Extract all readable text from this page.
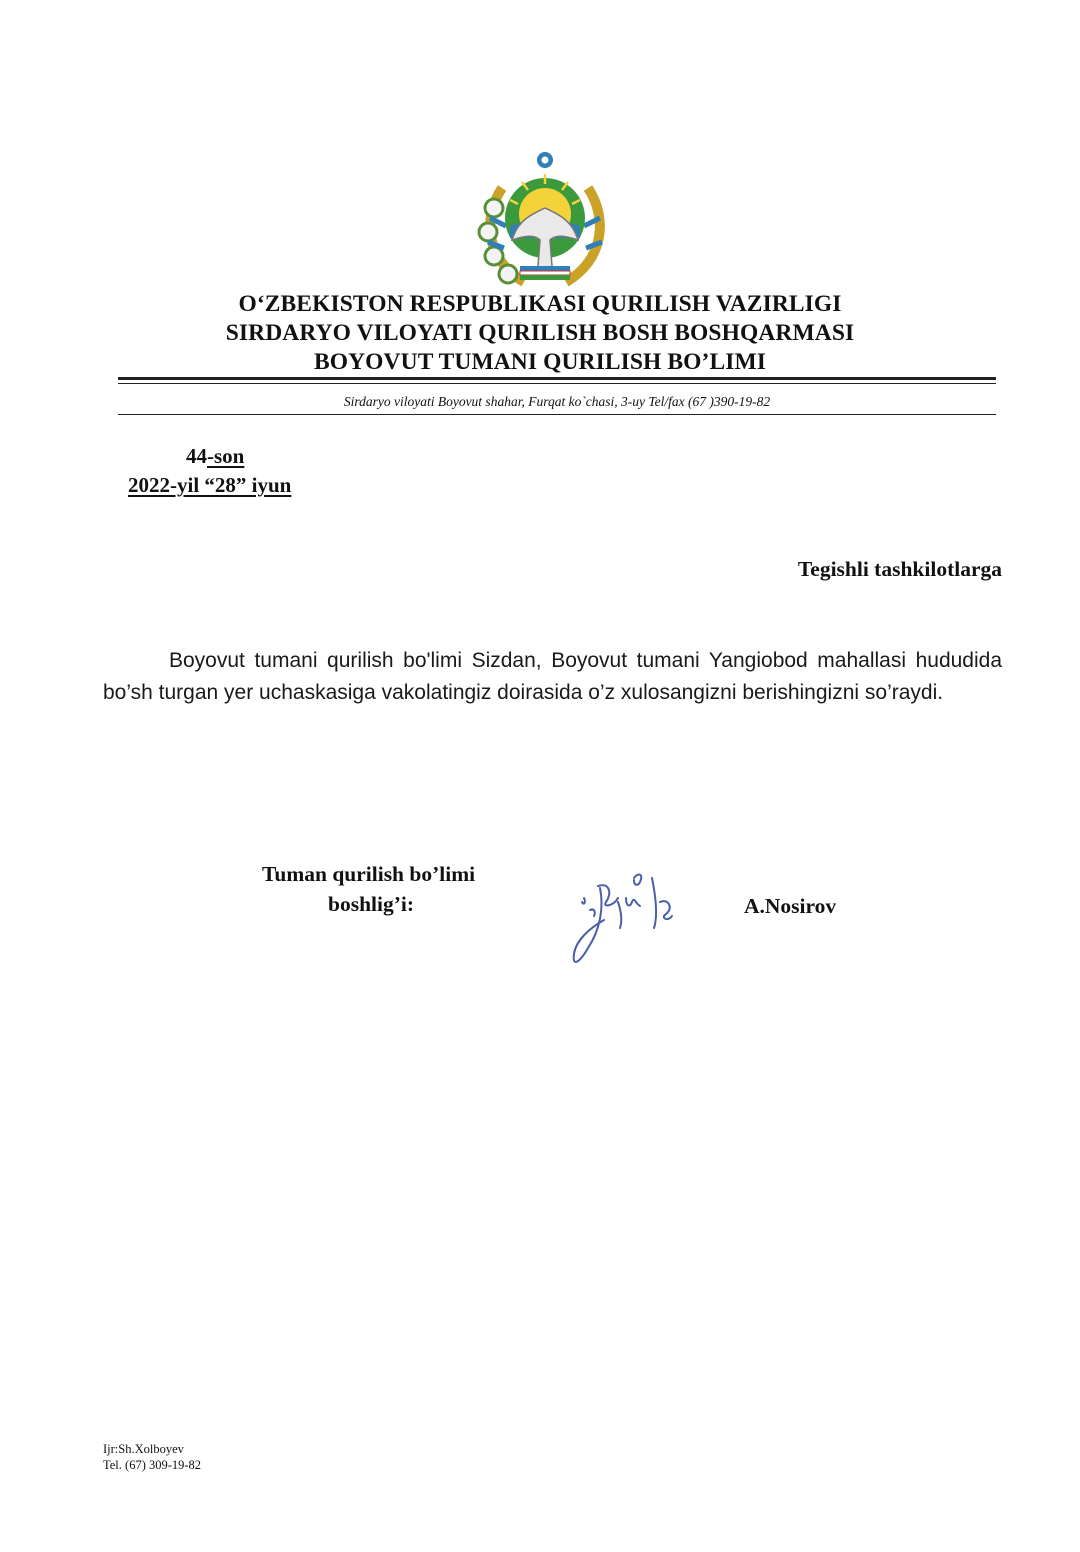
O‘ZBEKISTON RESPUBLIKASI QURILISH VAZIRLIGI
SIRDARYO VILOYATI QURILISH BOSH BOSHQARMASI
BOYOVUT TUMANI QURILISH BO’LIMI
Sirdaryo viloyati Boyovut shahar, Furqat ko`chasi, 3-uy Tel/fax (67 )390-19-82
44-son
2022-yil “28” iyun
Tegishli tashkilotlarga
Boyovut tumani qurilish bo'limi Sizdan, Boyovut tumani Yangiobod mahallasi hududida bo’sh turgan yer uchaskasiga vakolatingiz doirasida o’z xulosangizni berishingizni so’raydi.
Tuman qurilish bo’limi
boshlig’i:	A.Nosirov
Ijr:Sh.Xolboyev
Tel. (67) 309-19-82
